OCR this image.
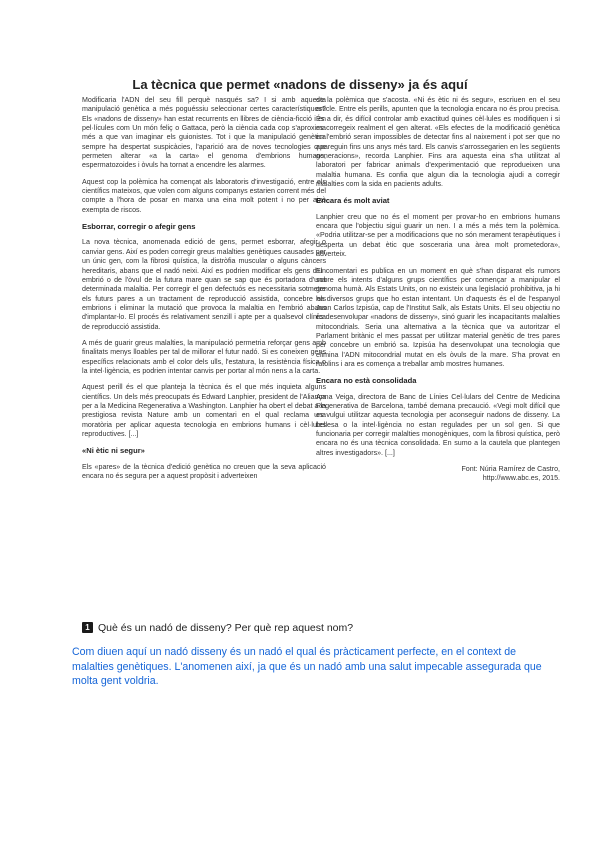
La tècnica que permet «nadons de disseny» ja és aquí

Modificaria l'ADN del seu fill perquè nasqués sa? I si amb aquesta manipulació genètica a més poguéssiu seleccionar certes característiques? Els «nadons de disseny» han estat recurrents en llibres de ciència-ficció i en pel·lícules com Un món feliç o Gattaca, però la ciència cada cop s'aproxima més a que van imaginar els guionistes. Tot i que la manipulació genètica sempre ha despertat suspicàcies, l'aparició ara de noves tecnologies que permeten alterar «a la carta» el genoma d'embrions humans, espermatozoides i òvuls ha tornat a encendre les alarmes.

Aquest cop la polèmica ha començat als laboratoris d'investigació, entre els científics mateixos, que volen com alguns companys estarien corrent més del compte a l'hora de posar en marxa una eina molt potent i no per això exempta de riscos.

Esborrar, corregir o afegir gens

La nova tècnica, anomenada edició de gens, permet esborrar, afegir o canviar gens. Així es poden corregir greus malalties genètiques causades per un únic gen, com la fibrosi quística, la distròfia muscular o alguns càncers hereditaris, abans que el nadó neixi. Així es podrien modificar els gens d'un embrió o de l'òvul de la futura mare quan se sap que és portadora d'una determinada malaltia. Per corregir el gen defectuós es necessitaria sotmetre els futurs pares a un tractament de reproducció assistida, concebre els embrions i eliminar la mutació que provoca la malaltia en l'embrió abans d'implantar-lo. El procés és relativament senzill i apte per a qualsevol clínica de reproducció assistida.

A més de guarir greus malalties, la manipulació permetria reforçar gens amb finalitats menys lloables per tal de millorar el futur nadó. Si es coneixen gens específics relacionats amb el color dels ulls, l'estatura, la resistència física o la intel·ligència, es podrien intentar canvis per portar al món nens a la carta.

Aquest perill és el que planteja la tècnica és el que més inquieta alguns científics. Un dels més preocupats és Edward Lanphier, president de l'Aliança per a la Medicina Regenerativa a Washington. Lanphier ha obert el debat a la prestigiosa revista Nature amb un comentari en el qual reclama una moratòria per aplicar aquesta tecnologia en embrions humans i cèl·lules reproductives. [...]

«Ni ètic ni segur»

Els «pares» de la tècnica d'edició genètica no creuen que la seva aplicació encara no és segura per a aquest propòsit i adverteixen

de la polèmica que s'acosta. «Ni és ètic ni és segur», escriuen en el seu article. Entre els perills, apunten que la tecnologia encara no és prou precisa. És a dir, és difícil controlar amb exactitud quines cèl·lules es modifiquen i si es corregeix realment el gen alterat. «Els efectes de la modificació genètica en l'embrió seran impossibles de detectar fins al naixement i pot ser que no apareguin fins uns anys més tard. Els canvis s'arrossegarien en les següents generacions», recorda Lanphier. Fins ara aquesta eina s'ha utilitzat al laboratori per fabricar animals d'experimentació que reprodueixen una malaltia humana. Es confia que algun dia la tecnologia ajudi a corregir malalties com la sida en pacients adults.

Encara és molt aviat

Lanphier creu que no és el moment per provar-ho en embrions humans encara que l'objectiu sigui guarir un nen. I a més a més tem la polèmica. «Podria utilitzar-se per a modificacions que no són merament terapèutiques i desperta un debat ètic que sosceraria una àrea molt prometedora», adverteix.

El comentari es publica en un moment en què s'han disparat els rumors sobre els intents d'alguns grups científics per començar a manipular el genoma humà. Als Estats Units, on no existeix una legislació prohibitiva, ja hi ha diversos grups que ho estan intentant. Un d'aquests és el de l'espanyol Juan Carlos Izpisúa, cap de l'Institut Salk, als Estats Units. El seu objectiu no és desenvolupar «nadons de disseny», sinó guarir les incapacitants malalties mitocondrials. Seria una alternativa a la tècnica que va autoritzar el Parlament britànic el mes passat per utilitzar material genètic de tres pares per concebre un embrió sa. Izpisúa ha desenvolupat una tecnologia que elimina l'ADN mitocondrial mutat en els òvuls de la mare. S'ha provat en ratolins i ara es comença a treballar amb mostres humanes.

Encara no està consolidada

Anna Veiga, directora de Banc de Línies Cel·lulars del Centre de Medicina Regenerativa de Barcelona, també demana precaució. «Vegi molt difícil que es vulgui utilitzar aquesta tecnologia per aconseguir nadons de disseny. La bellesa o la intel·ligència no estan regulades per un sol gen. Si que funcionaria per corregir malalties monogèniques, com la fibrosi quística, però encara no és una tècnica consolidada. En sumo a la cautela que plantegen altres investigadors». [...]

Font: Núria Ramírez de Castro,
http://www.abc.es, 2015.

1 Què és un nadó de disseny? Per què rep aquest nom?
Com diuen aquí un nadó disseny és un nadó el qual és pràcticament perfecte, en el context de malalties genètiques. L'anomenen així, ja que és un nadó amb una salut impecable assegurada que molta gent voldria.
